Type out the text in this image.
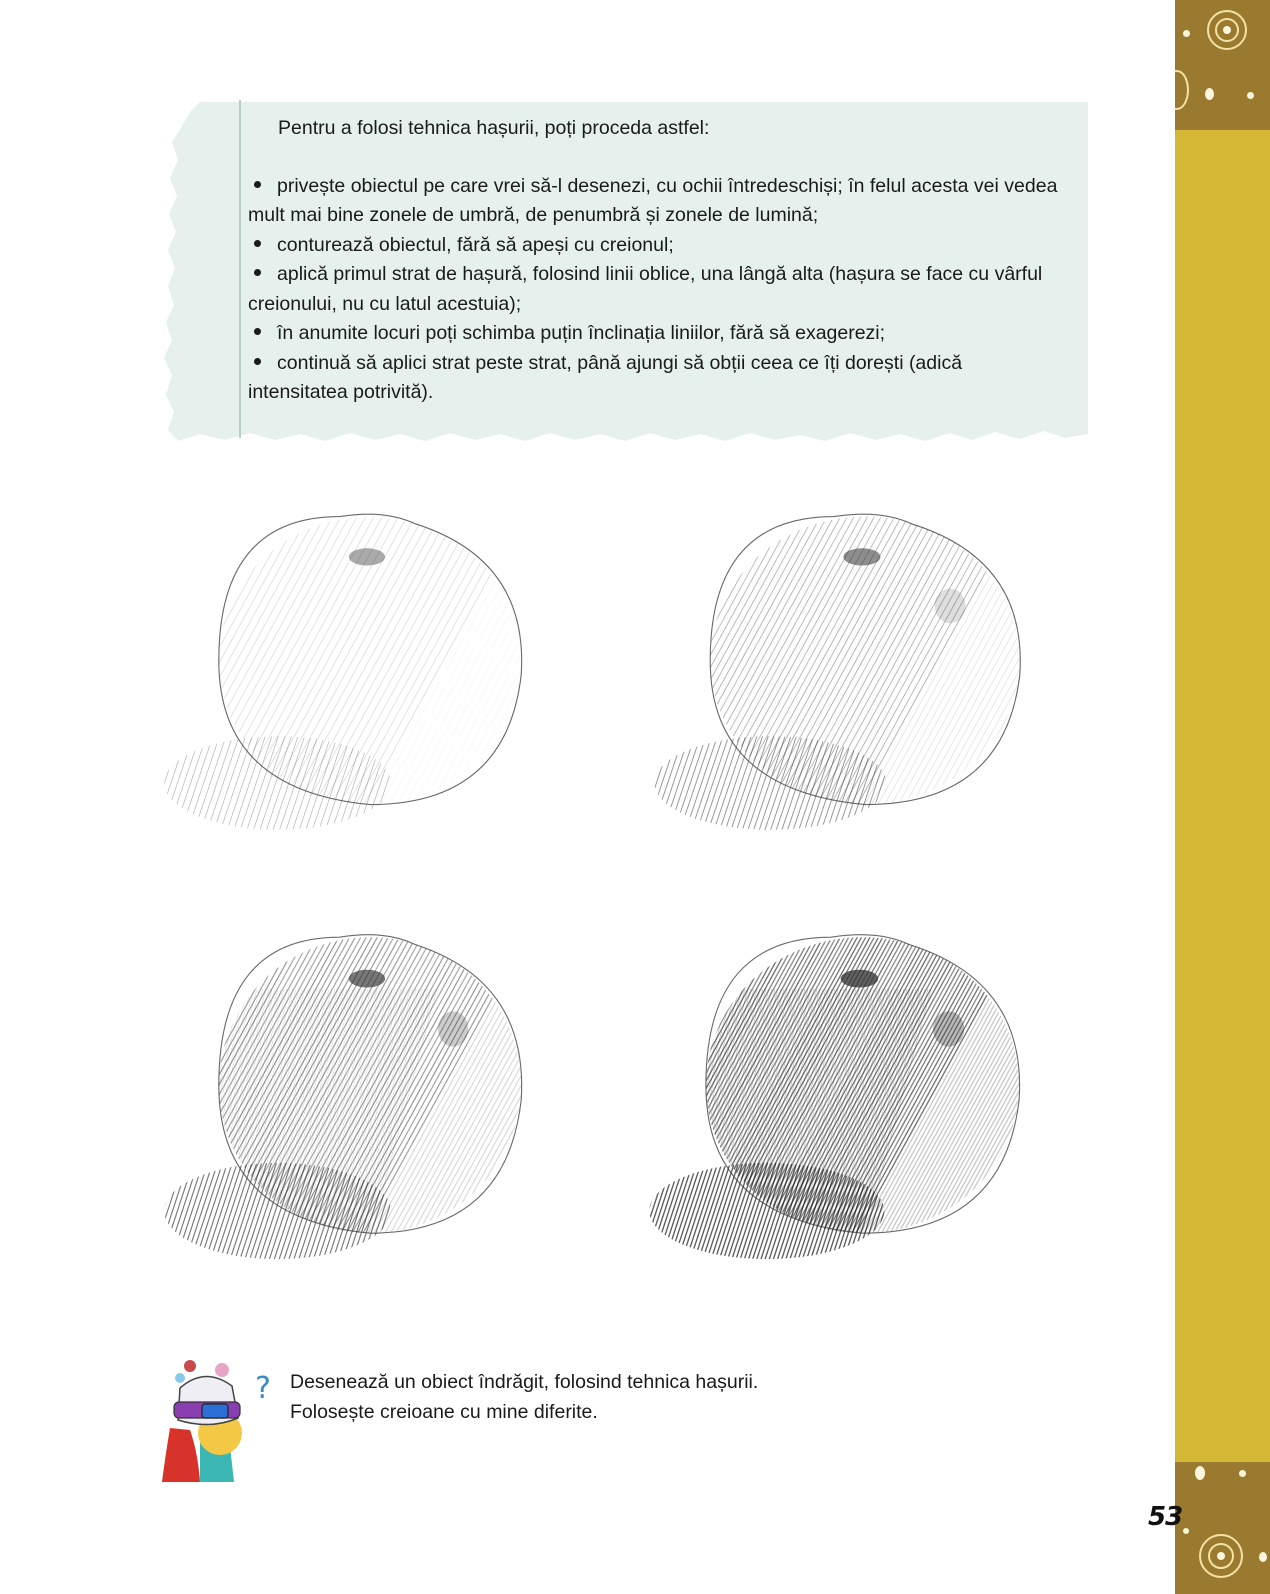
Pentru a folosi tehnica hașurii, poți proceda astfel:

privește obiectul pe care vrei să-l desenezi, cu ochii întredeschiși; în felul acesta vei vedea mult mai bine zonele de umbră, de penumbră și zonele de lumină;

conturează obiectul, fără să apeși cu creionul;

aplică primul strat de hașură, folosind linii oblice, una lângă alta (hașura se face cu vârful creionului, nu cu latul acestuia);

în anumite locuri poți schimba puțin înclinația liniilor, fără să exagerezi;

continuă să aplici strat peste strat, până ajungi să obții ceea ce îți dorești (adică intensitatea potrivită).

? Desenează un obiect îndrăgit, folosind tehnica hașurii.

Folosește creioane cu mine diferite.

53
